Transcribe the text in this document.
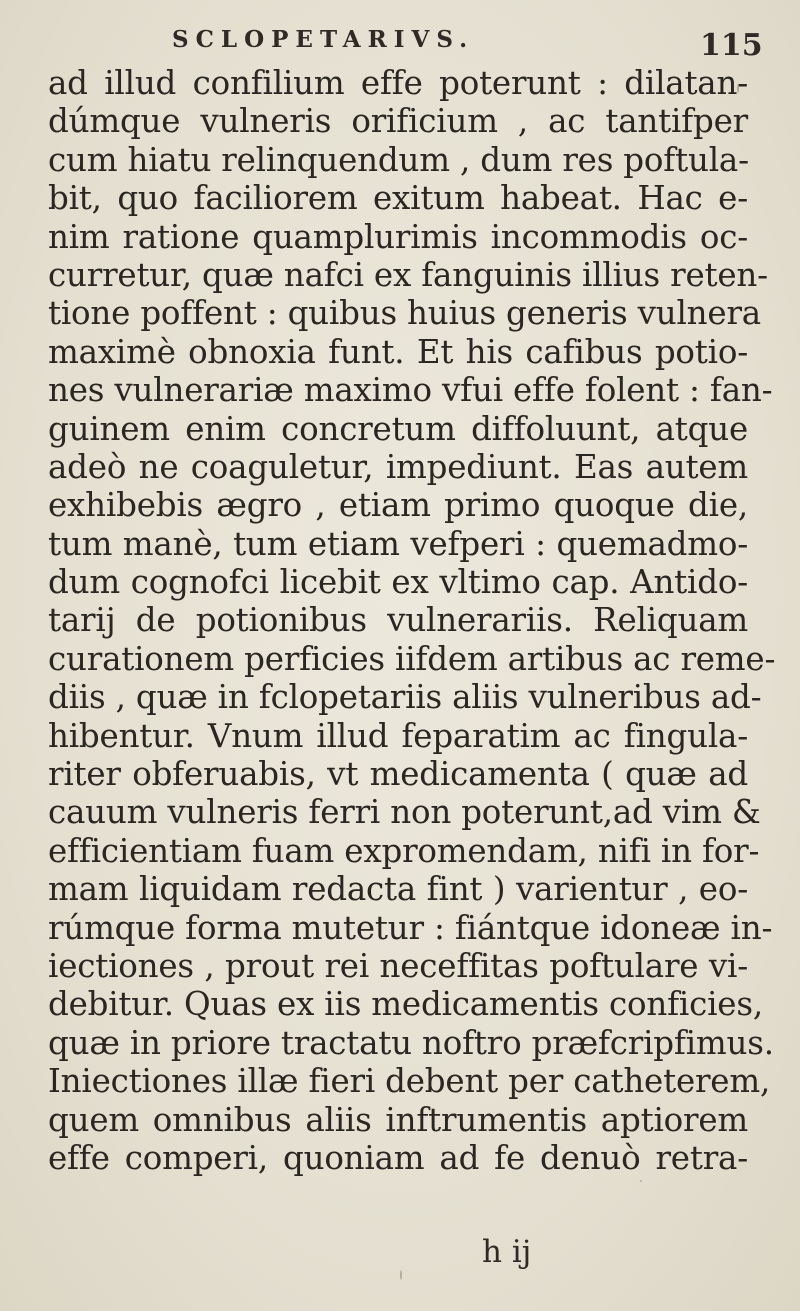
SCLOPETARIVS.	115
ad illud confilium effe poterunt : dilatan-
dúmque vulneris orificium , ac tantifper
cum hiatu relinquendum , dum res poftula-
bit, quo faciliorem exitum habeat. Hac e-
nim ratione quamplurimis incommodis oc-
curretur, quæ nafci ex fanguinis illius reten-
tione poffent : quibus huius generis vulnera
maximè obnoxia funt. Et his cafibus potio-
nes vulnerariæ maximo vfui effe folent : fan-
guinem enim concretum diffoluunt, atque
adeò ne coaguletur, impediunt. Eas autem
exhibebis ægro , etiam primo quoque die,
tum manè, tum etiam vefperi : quemadmo-
dum cognofci licebit ex vltimo cap. Antido-
tarij de potionibus vulnerariis. Reliquam
curationem perficies iifdem artibus ac reme-
diis , quæ in fclopetariis aliis vulneribus ad-
hibentur. Vnum illud feparatim ac fingula-
riter obferuabis, vt medicamenta ( quæ ad
cauum vulneris ferri non poterunt,ad vim &
efficientiam fuam expromendam, nifi in for-
mam liquidam redacta fint ) varientur , eo-
rúmque forma mutetur : fiántque idoneæ in-
iectiones , prout rei neceffitas poftulare vi-
debitur. Quas ex iis medicamentis conficies,
quæ in priore tractatu noftro præfcripfimus.
Iniectiones illæ fieri debent per catheterem,
quem omnibus aliis inftrumentis aptiorem
effe comperi, quoniam ad fe denuò retra-
h ij
